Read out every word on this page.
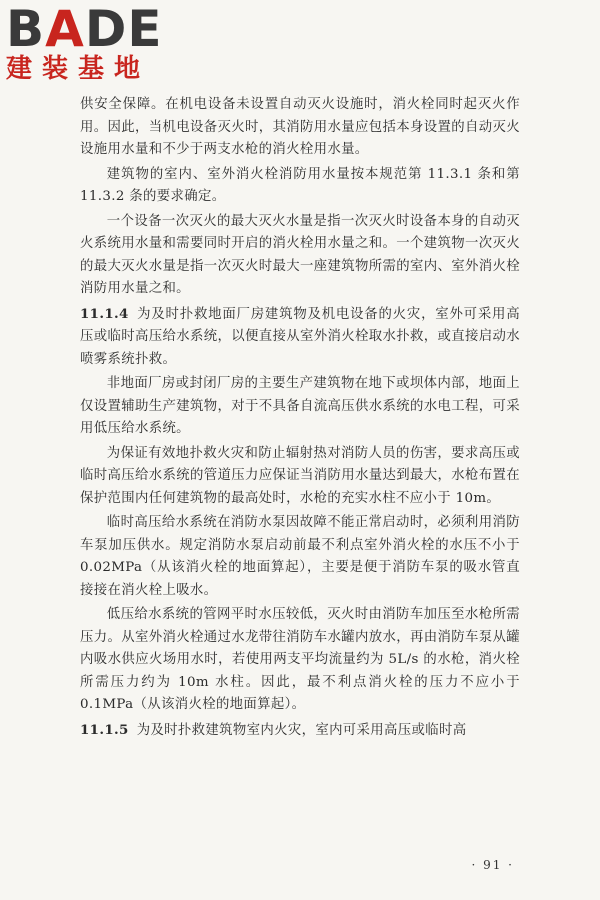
BADE
建装基地

供安全保障。在机电设备未设置自动灭火设施时，消火栓同时起灭火作用。因此，当机电设备灭火时，其消防用水量应包括本身设置的自动灭火设施用水量和不少于两支水枪的消火栓用水量。

建筑物的室内、室外消火栓消防用水量按本规范第 11.3.1 条和第 11.3.2 条的要求确定。

一个设备一次灭火的最大灭火水量是指一次灭火时设备本身的自动灭火系统用水量和需要同时开启的消火栓用水量之和。一个建筑物一次灭火的最大灭火水量是指一次灭火时最大一座建筑物所需的室内、室外消火栓消防用水量之和。

11.1.4 为及时扑救地面厂房建筑物及机电设备的火灾，室外可采用高压或临时高压给水系统，以便直接从室外消火栓取水扑救，或直接启动水喷雾系统扑救。

非地面厂房或封闭厂房的主要生产建筑物在地下或坝体内部，地面上仅设置辅助生产建筑物，对于不具备自流高压供水系统的水电工程，可采用低压给水系统。

为保证有效地扑救火灾和防止辐射热对消防人员的伤害，要求高压或临时高压给水系统的管道压力应保证当消防用水量达到最大，水枪布置在保护范围内任何建筑物的最高处时，水枪的充实水柱不应小于 10m。

临时高压给水系统在消防水泵因故障不能正常启动时，必须利用消防车泵加压供水。规定消防水泵启动前最不利点室外消火栓的水压不小于 0.02MPa（从该消火栓的地面算起），主要是便于消防车泵的吸水管直接接在消火栓上吸水。

低压给水系统的管网平时水压较低，灭火时由消防车加压至水枪所需压力。从室外消火栓通过水龙带往消防车水罐内放水，再由消防车泵从罐内吸水供应火场用水时，若使用两支平均流量约为 5L/s 的水枪，消火栓所需压力约为 10m 水柱。因此，最不利点消火栓的压力不应小于 0.1MPa（从该消火栓的地面算起）。

11.1.5 为及时扑救建筑物室内火灾，室内可采用高压或临时高

· 91 ·
